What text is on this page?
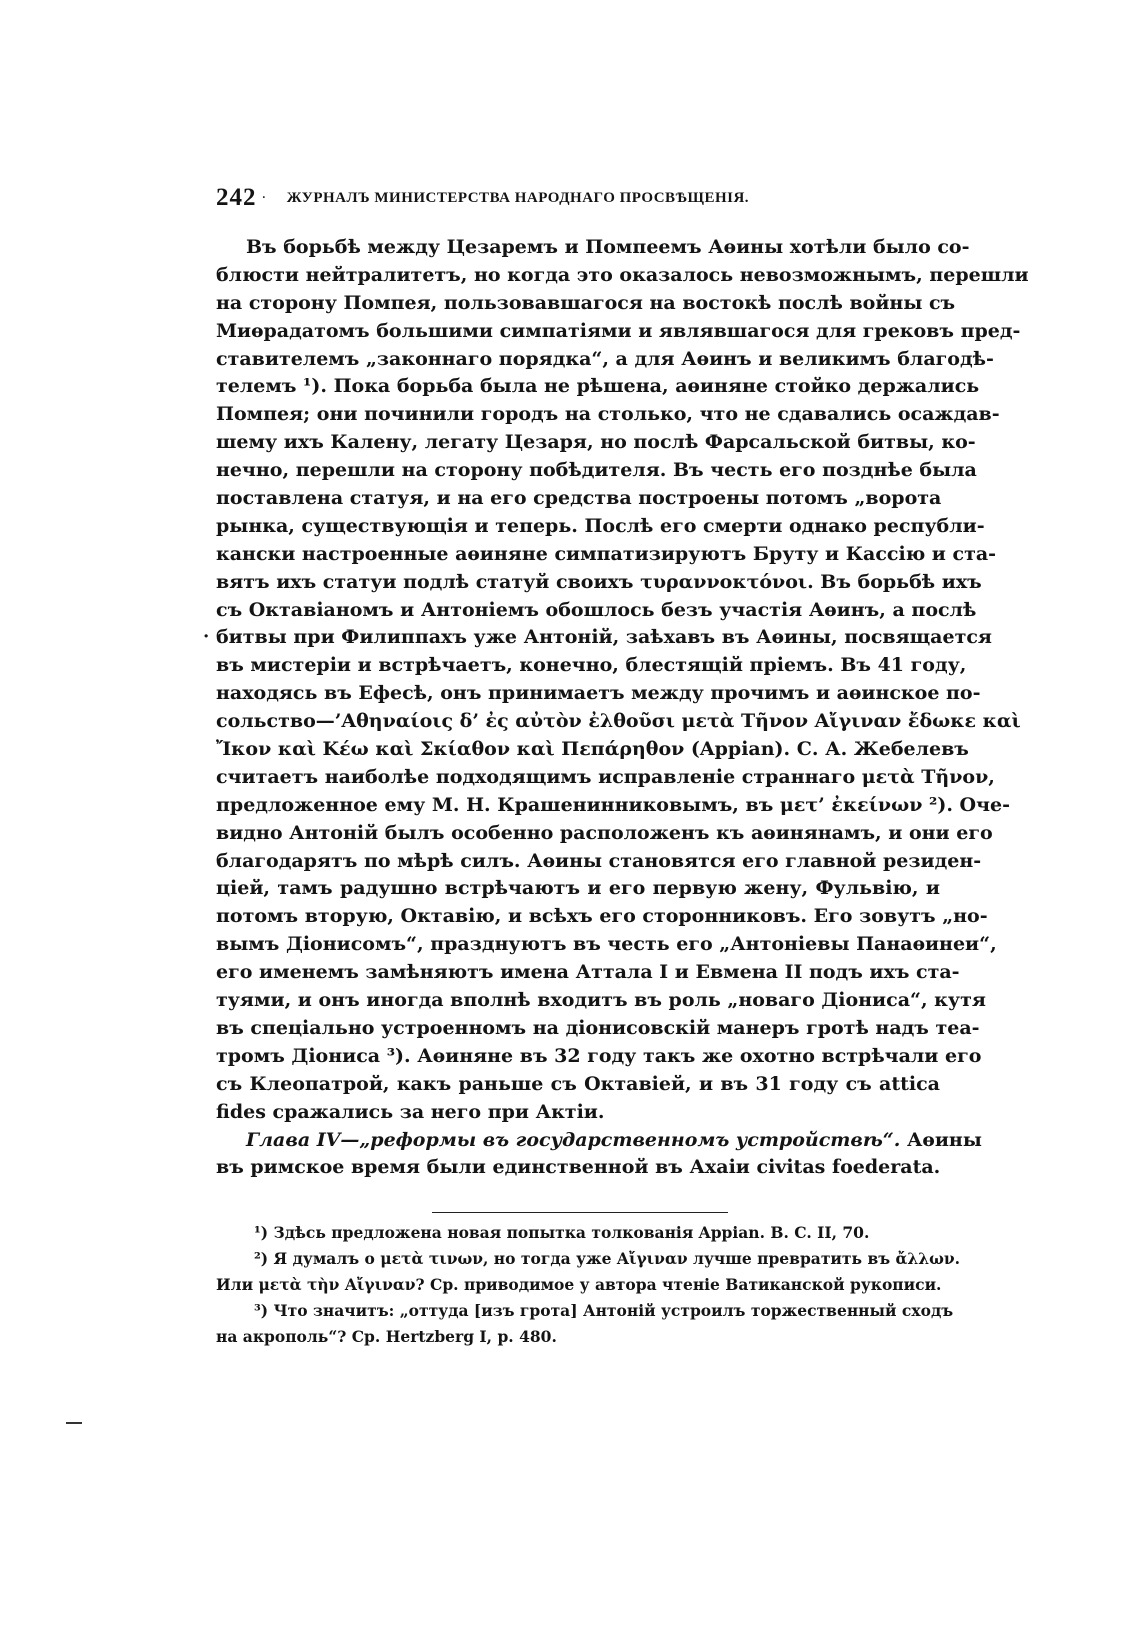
242 · ЖУРНАЛЪ МИНИСТЕРСТВА НАРОДНАГО ПРОСВѢЩЕНІЯ.
·
Въ борьбѣ между Цезаремъ и Помпеемъ Аѳины хотѣли было со-
блюсти нейтралитетъ, но когда это оказалось невозможнымъ, перешли
на сторону Помпея, пользовавшагося на востокѣ послѣ войны съ
Миѳрадатомъ большими симпатіями и являвшагося для грековъ пред-
ставителемъ „законнаго порядка“, а для Аѳинъ и великимъ благодѣ-
телемъ ¹). Пока борьба была не рѣшена, аѳиняне стойко держались
Помпея; они починили городъ на столько, что не сдавались осаждав-
шему ихъ Калену, легату Цезаря, но послѣ Фарсальской битвы, ко-
нечно, перешли на сторону побѣдителя. Въ честь его позднѣе была
поставлена статуя, и на его средства построены потомъ „ворота
рынка, существующія и теперь. Послѣ его смерти однако республи-
кански настроенные аѳиняне симпатизируютъ Бруту и Кассію и ста-
вятъ ихъ статуи подлѣ статуй своихъ τυραννοκτόνοι. Въ борьбѣ ихъ
съ Октавіаномъ и Антоніемъ обошлось безъ участія Аѳинъ, а послѣ
битвы при Филиппахъ уже Антоній, заѣхавъ въ Аѳины, посвящается
въ мистеріи и встрѣчаетъ, конечно, блестящій пріемъ. Въ 41 году,
находясь въ Ефесѣ, онъ принимаетъ между прочимъ и аѳинское по-
сольство—’Αθηναίοις δ’ ἐς αὐτὸν ἐλθοῦσι μετὰ Τῆνον Αἴγιναν ἔδωκε καὶ
Ἴκον καὶ Κέω καὶ Σκίαθον καὶ Πεπάρηθον (Appian). С. А. Жебелевъ
считаетъ наиболѣе подходящимъ исправленіе страннаго μετὰ Τῆνον,
предложенное ему М. Н. Крашенинниковымъ, въ μετ’ ἐκείνων ²). Оче-
видно Антоній былъ особенно расположенъ къ аѳинянамъ, и они его
благодарятъ по мѣрѣ силъ. Аѳины становятся его главной резиден-
ціей, тамъ радушно встрѣчаютъ и его первую жену, Фульвію, и
потомъ вторую, Октавію, и всѣхъ его сторонниковъ. Его зовутъ „но-
вымъ Діонисомъ“, празднуютъ въ честь его „Антоніевы Панаѳинеи“,
его именемъ замѣняютъ имена Аттала I и Евмена II подъ ихъ ста-
туями, и онъ иногда вполнѣ входитъ въ роль „новаго Діониса“, кутя
въ спеціально устроенномъ на діонисовскій манеръ гротѣ надъ теа-
тромъ Діониса ³). Аѳиняне въ 32 году такъ же охотно встрѣчали его
съ Клеопатрой, какъ раньше съ Октавіей, и въ 31 году съ attica
fides сражались за него при Актіи.
Глава IV—„реформы въ государственномъ устройствѣ“. Аѳины
въ римское время были единственной въ Ахаіи civitas foederata.
¹) Здѣсь предложена новая попытка толкованія Appian. B. C. II, 70.
²) Я думалъ о μετὰ τινων, но тогда уже Αἴγιναν лучше превратить въ ἄλλων.
Или μετὰ τὴν Αἴγιναν? Ср. приводимое у автора чтеніе Ватиканской рукописи.
³) Что значитъ: „оттуда [изъ грота] Антоній устроилъ торжественный сходъ
на акрополь“? Ср. Hertzberg I, p. 480.
